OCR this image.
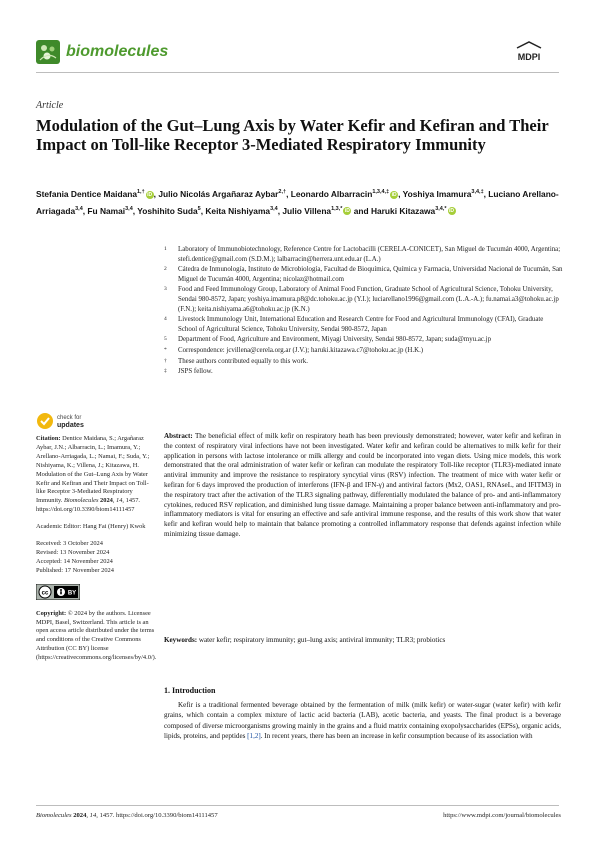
biomolecules	MDPI
Article
Modulation of the Gut–Lung Axis by Water Kefir and Kefiran and Their Impact on Toll-like Receptor 3-Mediated Respiratory Immunity
Stefania Dentice Maidana$^{1,\dagger}$ iD , Julio Nicolás Argañaraz Aybar$^{2,\dagger}$, Leonardo Albarracin$^{1,3,4,\ddagger}$ iD , Yoshiya Imamura$^{3,4,\ddagger}$, Luciano Arellano-Arriagada$^{3,4}$, Fu Namai$^{3,4}$, Yoshihito Suda$^5$, Keita Nishiyama$^{3,4}$, Julio Villena$^{1,3,*}$ iD and Haruki Kitazawa$^{3,4,*}$ iD
1	Laboratory of Immunobiotechnology, Reference Centre for Lactobacilli (CERELA-CONICET), San Miguel de Tucumán 4000, Argentina; stefi.dentice@gmail.com (S.D.M.); lalbarracin@herrera.unt.edu.ar (L.A.)
2	Cátedra de Inmunología, Instituto de Microbiología, Facultad de Bioquímica, Química y Farmacia, Universidad Nacional de Tucumán, San Miguel de Tucumán 4000, Argentina; nicolaz@hotmail.com
3	Food and Feed Immunology Group, Laboratory of Animal Food Function, Graduate School of Agricultural Science, Tohoku University, Sendai 980-8572, Japan; yoshiya.imamura.p8@dc.tohoku.ac.jp (Y.I.); luciarellano1996@gmail.com (L.A.-A.); fu.namai.a3@tohoku.ac.jp (F.N.); keita.nishiyama.a6@tohoku.ac.jp (K.N.)
4	Livestock Immunology Unit, International Education and Research Centre for Food and Agricultural Immunology (CFAI), Graduate School of Agricultural Science, Tohoku University, Sendai 980-8572, Japan
5	Department of Food, Agriculture and Environment, Miyagi University, Sendai 980-8572, Japan; suda@myu.ac.jp
*	Correspondence: jcvillena@cerela.org.ar (J.V.); haruki.kitazawa.c7@tohoku.ac.jp (H.K.)
†	These authors contributed equally to this work.
‡	JSPS fellow.
check for
updates

Citation: Dentice Maidana, S.; Argañaraz Aybar, J.N.; Albarracin, L.; Imamura, Y.; Arellano-Arriagada, L.; Namai, F.; Suda, Y.; Nishiyama, K.; Villena, J.; Kitazawa, H. Modulation of the Gut–Lung Axis by Water Kefir and Kefiran and Their Impact on Toll-like Receptor 3-Mediated Respiratory Immunity. Biomolecules 2024, 14, 1457. https://doi.org/10.3390/biom14111457

Academic Editor: Hang Fai (Henry) Kwok

Received: 3 October 2024
Revised: 13 November 2024
Accepted: 14 November 2024
Published: 17 November 2024

cc	BY

Copyright: © 2024 by the authors. Licensee MDPI, Basel, Switzerland. This article is an open access article distributed under the terms and conditions of the Creative Commons Attribution (CC BY) license (https://creativecommons.org/licenses/by/4.0/).

Abstract: The beneficial effect of milk kefir on respiratory heath has been previously demonstrated; however, water kefir and kefiran in the context of respiratory viral infections have not been investigated. Water kefir and kefiran could be alternatives to milk kefir for their application in persons with lactose intolerance or milk allergy and could be incorporated into vegan diets. Using mice models, this work demonstrated that the oral administration of water kefir or kefiran can modulate the respiratory Toll-like receptor (TLR3)-mediated innate antiviral immunity and improve the resistance to respiratory syncytial virus (RSV) infection. The treatment of mice with water kefir or kefiran for 6 days improved the production of interferons (IFN-β and IFN-γ) and antiviral factors (Mx2, OAS1, RNAseL, and IFITM3) in the respiratory tract after the activation of the TLR3 signaling pathway, differentially modulated the balance of pro- and anti-inflammatory cytokines, reduced RSV replication, and diminished lung tissue damage. Maintaining a proper balance between anti-inflammatory and pro-inflammatory mediators is vital for ensuring an effective and safe antiviral immune response, and the results of this work show that water kefir and kefiran would help to maintain that balance promoting a controlled inflammatory response that defends against infection while minimizing tissue damage.
Keywords: water kefir; respiratory immunity; gut–lung axis; antiviral immunity; TLR3; probiotics
1. Introduction
Kefir is a traditional fermented beverage obtained by the fermentation of milk (milk kefir) or water-sugar (water kefir) with kefir grains, which contain a complex mixture of lactic acid bacteria (LAB), acetic bacteria, and yeasts. The final product is a beverage composed of diverse microorganisms growing mainly in the grains and a fluid matrix containing exopolysaccharides (EPSs), organic acids, lipids, proteins, and peptides [1,2]. In recent years, there has been an increase in kefir consumption because of its association with
Biomolecules 2024, 14, 1457. https://doi.org/10.3390/biom14111457	https://www.mdpi.com/journal/biomolecules
